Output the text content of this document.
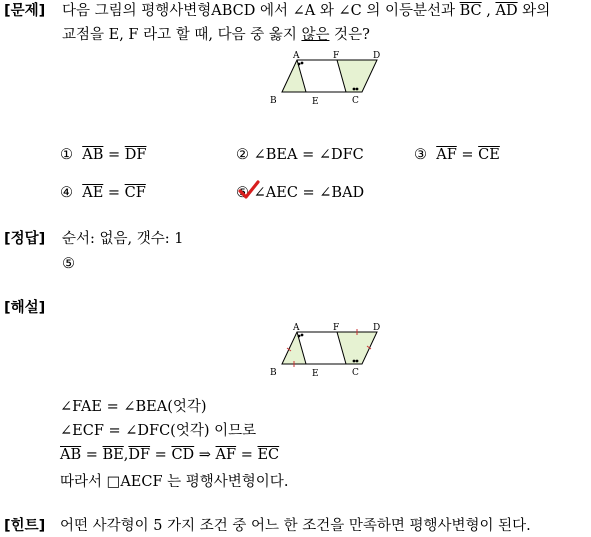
[문제] 다음 그림의 평행사변형ABCD 에서 ∠A 와 ∠C 의 이등분선과 $\overline{BC}$ , $\overline{AD}$ 와의
교점을 E, F 라고 할 때, 다음 중 옳지 않은 것은?
A	F	D
B	E	C
① $\overline{AB} = \overline{DF}$	② ∠BEA = ∠DFC	③ $\overline{AF} = \overline{CE}$
④ $\overline{AE} = \overline{CF}$	⑤ ∠AEC = ∠BAD
[정답] 순서: 없음, 갯수: 1
⑤
[해설]
A	F	D
B	E	C
∠FAE = ∠BEA(엇각)
∠ECF = ∠DFC(엇각) 이므로
$\overline{AB} = \overline{BE},\overline{DF} = \overline{CD}$ ⇒ $\overline{AF} = \overline{EC}$
따라서 □AECF 는 평행사변형이다.
[힌트] 어떤 사각형이 5 가지 조건 중 어느 한 조건을 만족하면 평행사변형이 된다.
